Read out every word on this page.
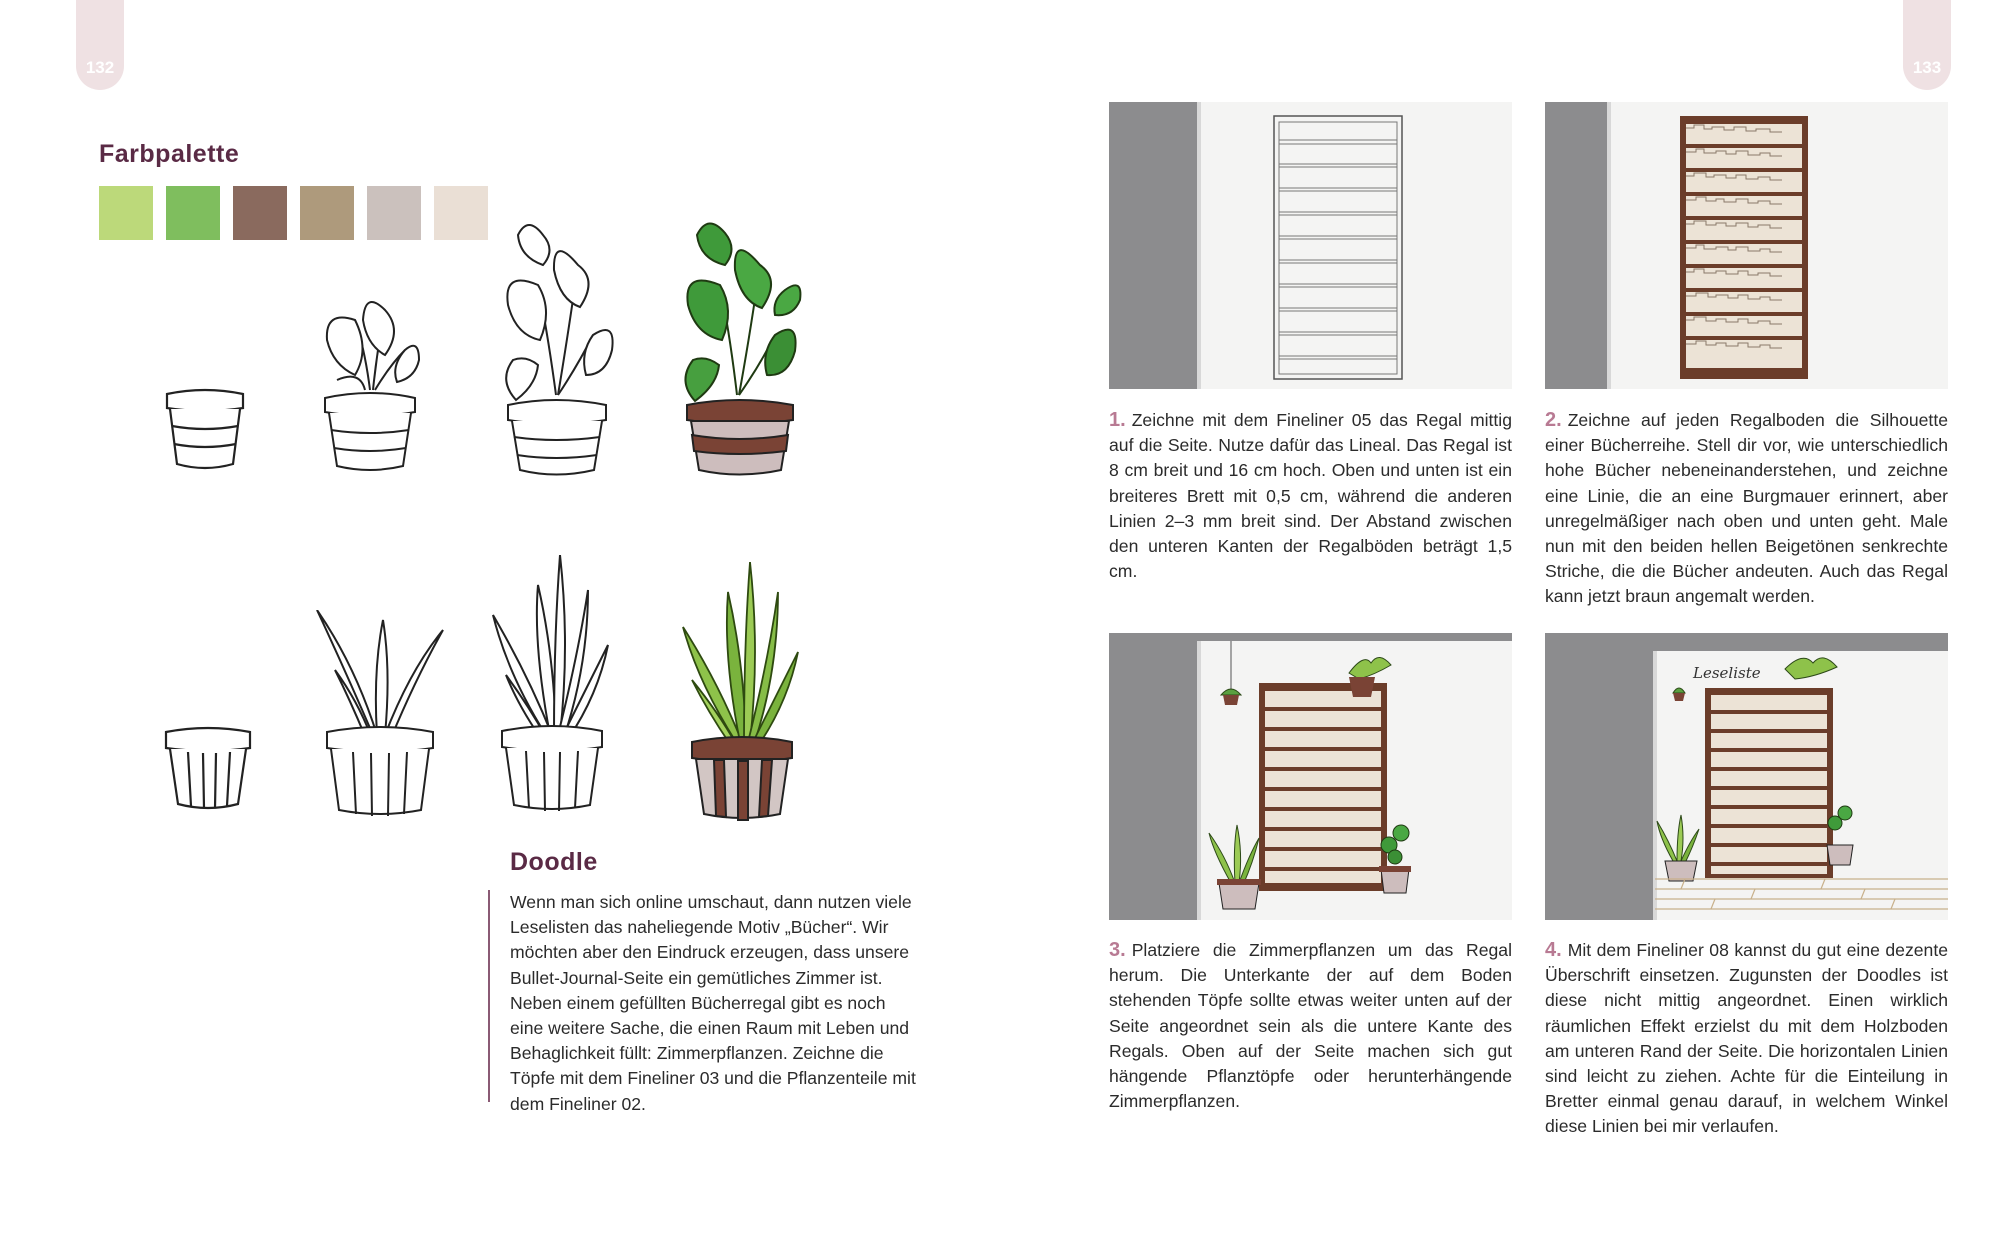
132	133
Farbpalette
Doodle
Wenn man sich online umschaut, dann nutzen viele Leselisten das naheliegende Motiv „Bücher“. Wir möchten aber den Eindruck erzeugen, dass unsere Bullet-Journal-Seite ein gemütliches Zimmer ist. Neben einem gefüllten Bücherregal gibt es noch eine weitere Sache, die einen Raum mit Leben und Behaglichkeit füllt: Zimmerpflanzen. Zeichne die Töpfe mit dem Fineliner 03 und die Pflanzenteile mit dem Fineliner 02.
Leseliste
1. Zeichne mit dem Fineliner 05 das Regal mittig auf die Seite. Nutze dafür das Lineal. Das Regal ist 8 cm breit und 16 cm hoch. Oben und unten ist ein breiteres Brett mit 0,5 cm, während die anderen Linien 2–3 mm breit sind. Der Abstand zwischen den unteren Kanten der Regalböden beträgt 1,5 cm.
2. Zeichne auf jeden Regalboden die Silhouette einer Bücherreihe. Stell dir vor, wie unterschiedlich hohe Bücher nebeneinanderstehen, und zeichne eine Linie, die an eine Burgmauer erinnert, aber unregelmäßiger nach oben und unten geht. Male nun mit den beiden hellen Beigetönen senkrechte Striche, die die Bücher andeuten. Auch das Regal kann jetzt braun angemalt werden.
3. Platziere die Zimmerpflanzen um das Regal herum. Die Unterkante der auf dem Boden stehenden Töpfe sollte etwas weiter unten auf der Seite angeordnet sein als die untere Kante des Regals. Oben auf der Seite machen sich gut hängende Pflanztöpfe oder herunterhängende Zimmerpflanzen.
4. Mit dem Fineliner 08 kannst du gut eine dezente Überschrift einsetzen. Zugunsten der Doodles ist diese nicht mittig angeordnet. Einen wirklich räumlichen Effekt erzielst du mit dem Holzboden am unteren Rand der Seite. Die horizontalen Linien sind leicht zu ziehen. Achte für die Einteilung in Bretter einmal genau darauf, in welchem Winkel diese Linien bei mir verlaufen.
